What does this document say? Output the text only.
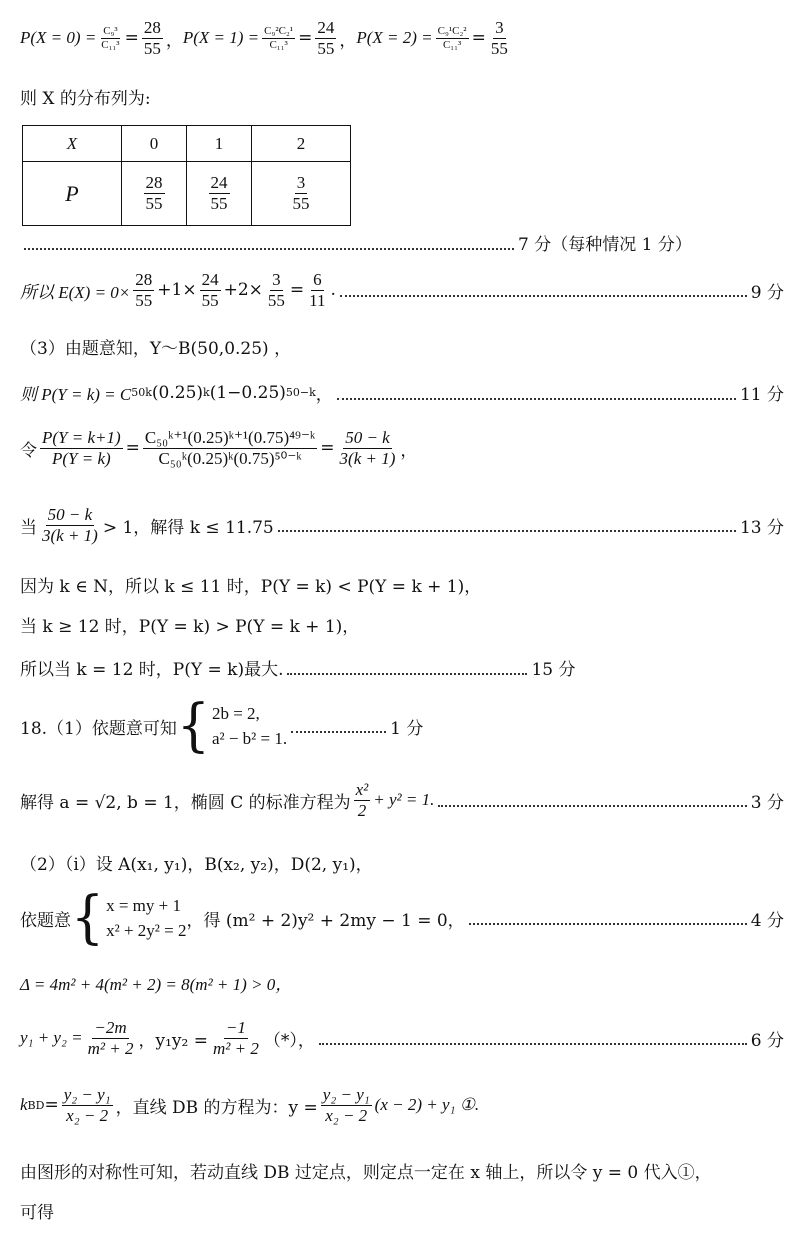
$P(X = 0) = \frac{\text{C₉³}}{\text{C₁₁³}} = \frac{28}{55}$ ， $P(X = 1) = \frac{\text{C₉²C₂¹}}{\text{C₁₁³}} = \frac{24}{55}$ ， $P(X = 2) = \frac{\text{C₉¹C₂²}}{\text{C₁₁³}} = \frac{3}{55}$
则 X 的分布列为:
X	0	1	2
P	$\frac{28}{55}$	$\frac{24}{55}$	$\frac{3}{55}$
7 分（每种情况 1 分）
所以 $E(X) = 0\times \frac{28}{55} +1\times \frac{24}{55} +2\times \frac{3}{55} = \frac{6}{11}$ .	9 分
（3）由题意知，Y～B(50,0.25) ，
则 P(Y = k) = C 50 k (0.25) k (1−0.25) 50−k ，	11 分
令 $\frac{P(Y = k+1)}{P(Y = k)} = \frac{\text{C₅₀ᵏ⁺¹(0.25)ᵏ⁺¹(0.75)⁴⁹⁻ᵏ}}{\text{C₅₀ᵏ(0.25)ᵏ(0.75)⁵⁰⁻ᵏ}} = \frac{50 - k}{3(k + 1)}$ ，
当 $\frac{50 - k}{3(k + 1)} > 1$，解得 k ≤ 11.75	13 分
因为 k ∈ N，所以 k ≤ 11 时，P(Y = k) < P(Y = k + 1)，
当 k ≥ 12 时，P(Y = k) > P(Y = k + 1)，
所以当 k = 12 时，P(Y = k)最大.	15 分
18.（1）依题意可知 { 2b = 2,
a² − b² = 1.	1 分
解得 a = √2, b = 1，椭圆 C 的标准方程为 $\frac{\text{x²}}{2} + y^2 = 1$.	3 分
（2）（ⅰ）设 A(x₁, y₁)，B(x₂, y₂)，D(2, y₁)，
依题意 { x = my + 1
x² + 2y² = 2 ，得 (m² + 2)y² + 2my − 1 = 0，	4 分
Δ = 4m² + 4(m² + 2) = 8(m² + 1) > 0，
$y_1 + y_2 = \frac{-2m}{\text{m² + 2}}$ ，$y_1y_2 = \frac{-1}{\text{m² + 2}}$ （*），	6 分
k BD = $\frac{\text{y₂ − y₁}}{\text{x₂ − 2}}$ ，直线 DB 的方程为：$y = \frac{\text{y₂ − y₁}}{\text{x₂ − 2}} (x - 2) + y_1$ ①.
由图形的对称性可知，若动直线 DB 过定点，则定点一定在 x 轴上，所以令 y = 0 代入①，
可得
